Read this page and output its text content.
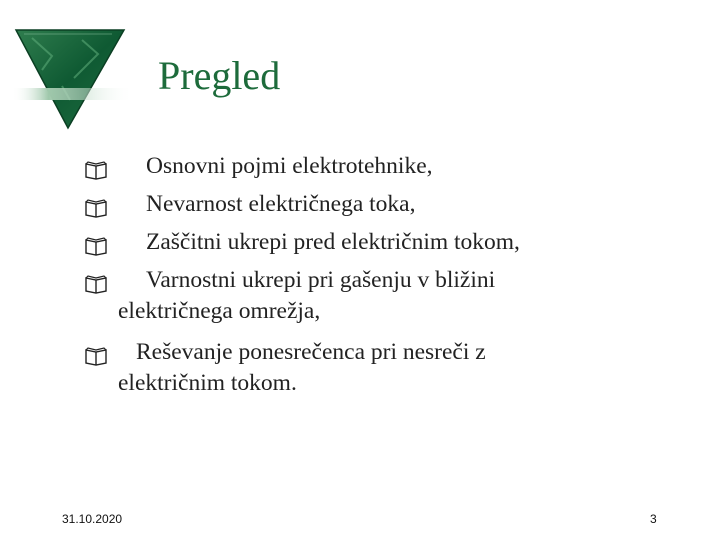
Pregled
Osnovni pojmi elektrotehnike,
Nevarnost električnega toka,
Zaščitni ukrepi pred električnim tokom,
Varnostni ukrepi pri gašenju v bližini
električnega omrežja,
Reševanje ponesrečenca pri nesreči z
električnim tokom.
31.10.2020	3
